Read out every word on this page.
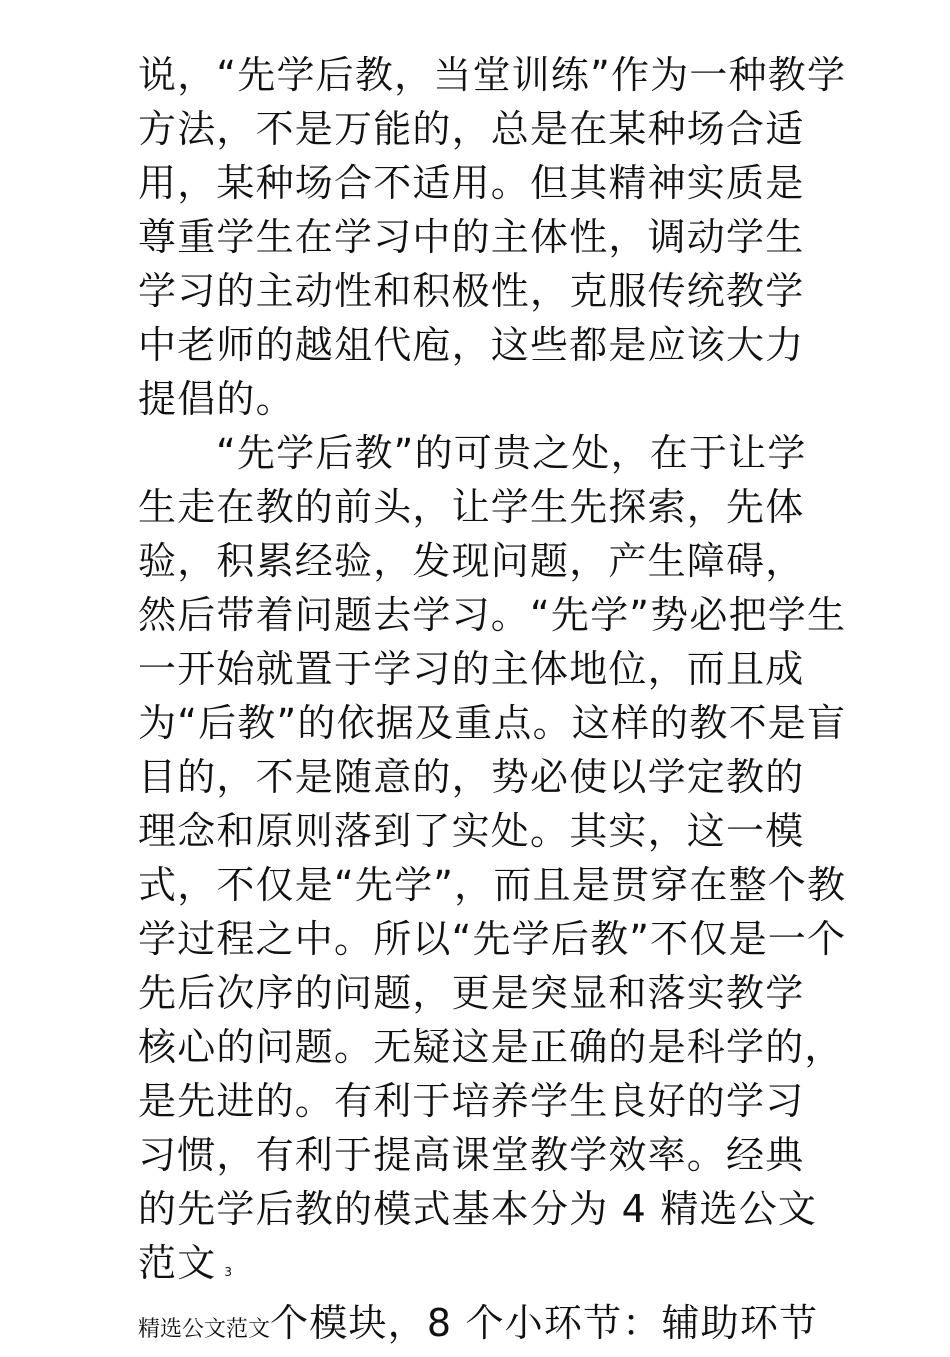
说，“先学后教，当堂训练”作为一种教学
方法，不是万能的，总是在某种场合适
用，某种场合不适用。但其精神实质是
尊重学生在学习中的主体性，调动学生
学习的主动性和积极性，克服传统教学
中老师的越俎代庖，这些都是应该大力
提倡的。
“先学后教”的可贵之处，在于让学
生走在教的前头，让学生先探索，先体
验，积累经验，发现问题，产生障碍，
然后带着问题去学习。“先学”势必把学生
一开始就置于学习的主体地位，而且成
为“后教”的依据及重点。这样的教不是盲
目的，不是随意的，势必使以学定教的
理念和原则落到了实处。其实，这一模
式，不仅是“先学”，而且是贯穿在整个教
学过程之中。所以“先学后教”不仅是一个
先后次序的问题，更是突显和落实教学
核心的问题。无疑这是正确的是科学的，
是先进的。有利于培养学生良好的学习
习惯，有利于提高课堂教学效率。经典
的先学后教的模式基本分为 4 精选公文
范文 3
精选公文范文个模块，8 个小环节：辅助环节
